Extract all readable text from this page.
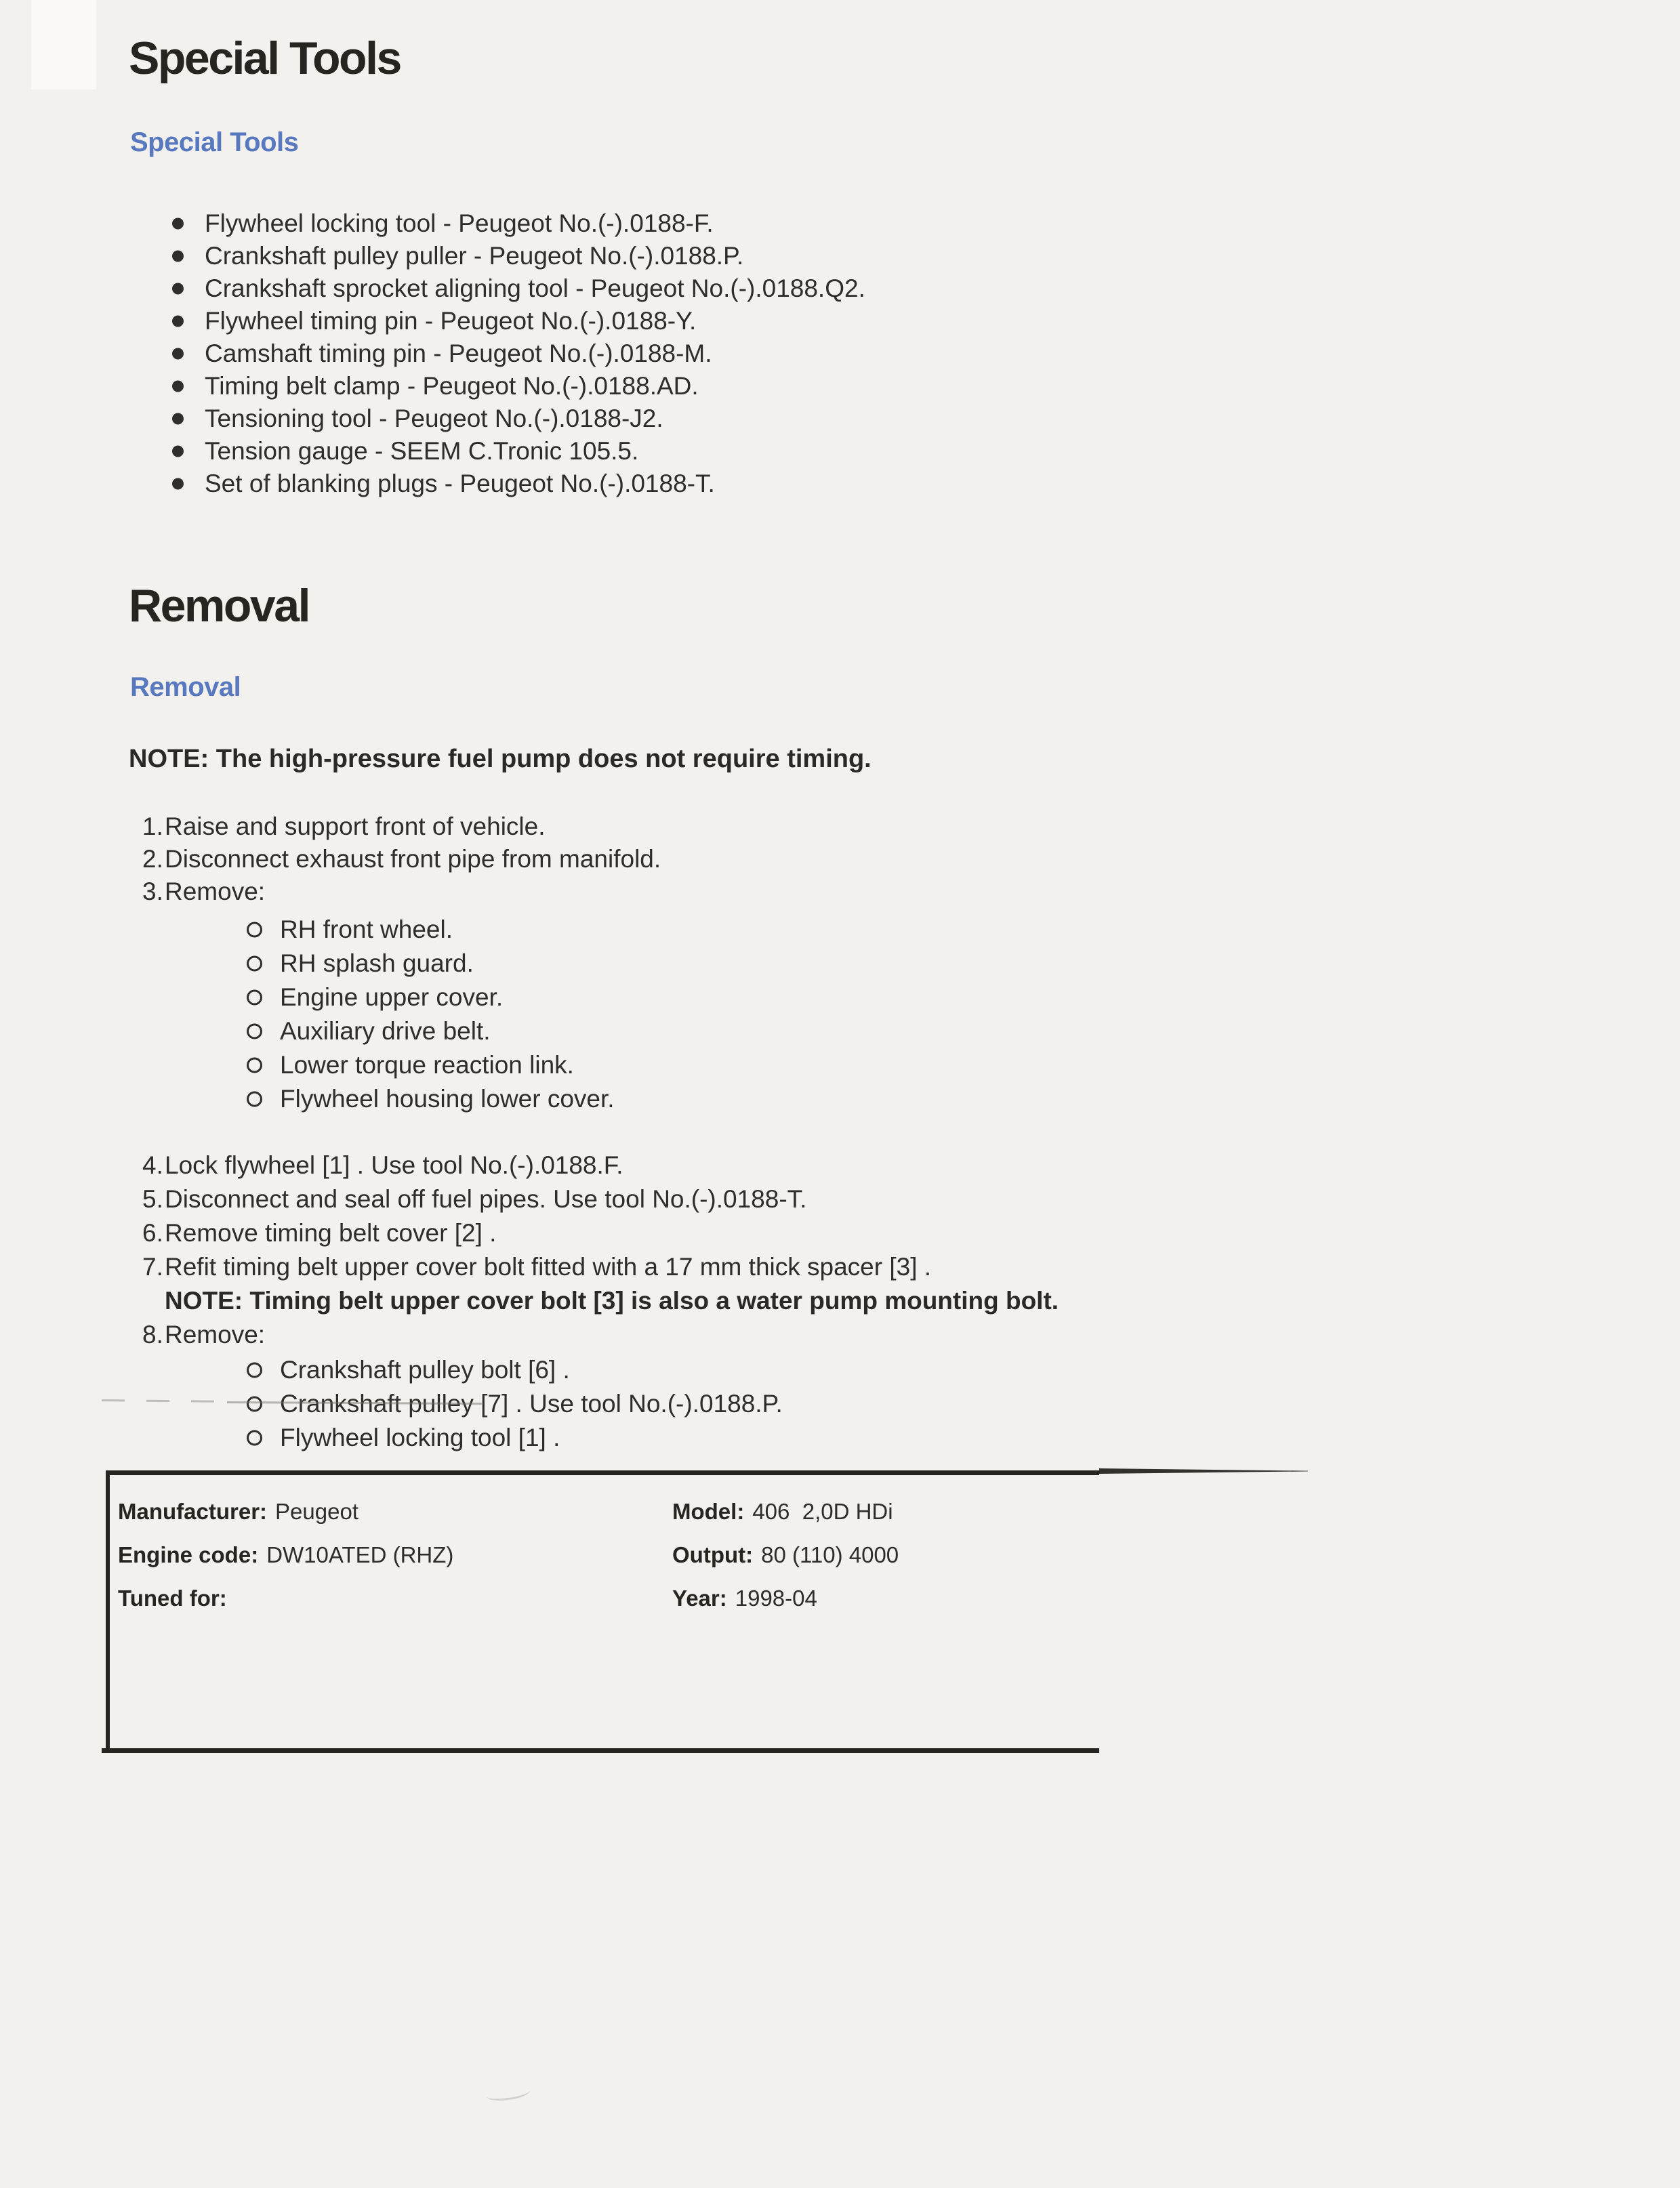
Special Tools
Special Tools
Flywheel locking tool - Peugeot No.(-).0188-F.
Crankshaft pulley puller - Peugeot No.(-).0188.P.
Crankshaft sprocket aligning tool - Peugeot No.(-).0188.Q2.
Flywheel timing pin - Peugeot No.(-).0188-Y.
Camshaft timing pin - Peugeot No.(-).0188-M.
Timing belt clamp - Peugeot No.(-).0188.AD.
Tensioning tool - Peugeot No.(-).0188-J2.
Tension gauge - SEEM C.Tronic 105.5.
Set of blanking plugs - Peugeot No.(-).0188-T.
Removal
Removal

NOTE: The high-pressure fuel pump does not require timing.

1. Raise and support front of vehicle.
2. Disconnect exhaust front pipe from manifold.
3. Remove:
RH front wheel.
RH splash guard.
Engine upper cover.
Auxiliary drive belt.
Lower torque reaction link.
Flywheel housing lower cover.
4. Lock flywheel [1] . Use tool No.(-).0188.F.
5. Disconnect and seal off fuel pipes. Use tool No.(-).0188-T.
6. Remove timing belt cover [2] .
7. Refit timing belt upper cover bolt fitted with a 17 mm thick spacer [3] .
NOTE: Timing belt upper cover bolt [3] is also a water pump mounting bolt.
8. Remove:
Crankshaft pulley bolt [6] .
Crankshaft pulley [7] . Use tool No.(-).0188.P.
Flywheel locking tool [1] .
Manufacturer: Peugeot	Model: 406  2,0D HDi
Engine code: DW10ATED (RHZ)	Output: 80 (110) 4000
Tuned for:	Year: 1998-04
